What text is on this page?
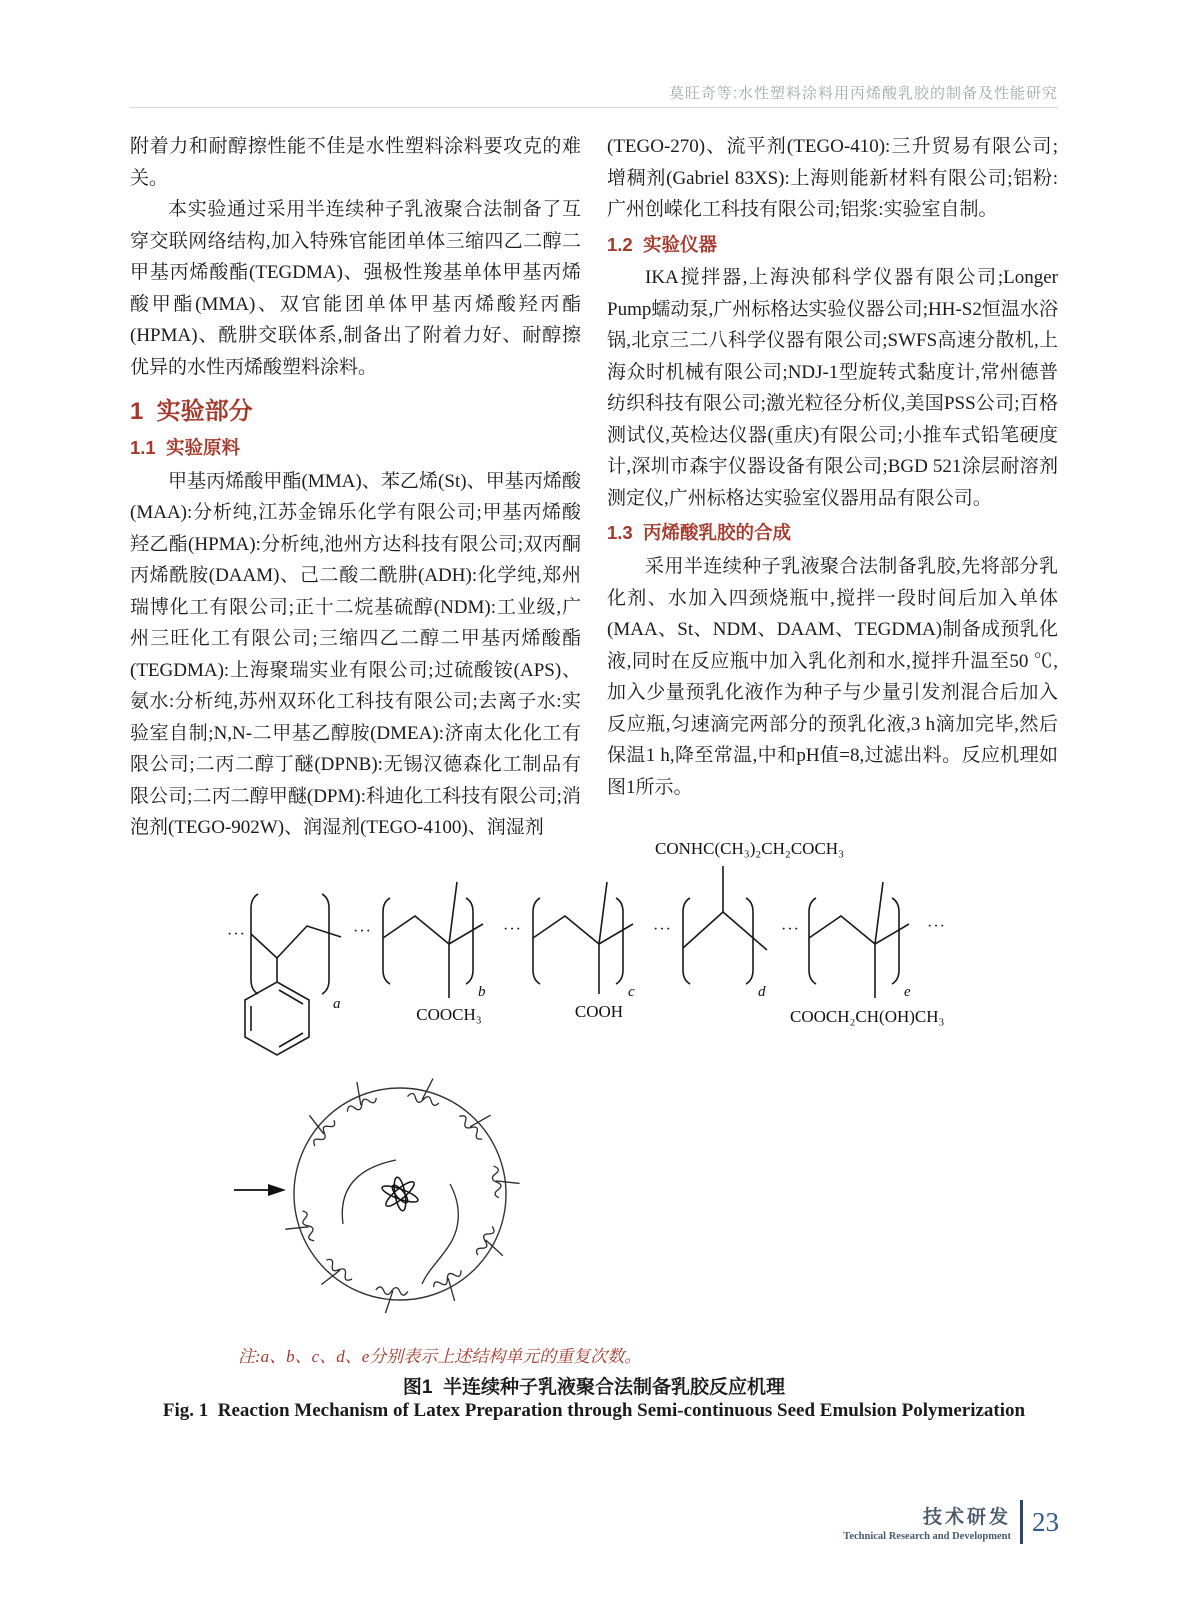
莫旺奇等:水性塑料涂料用丙烯酸乳胶的制备及性能研究

附着力和耐醇擦性能不佳是水性塑料涂料要攻克的难关。

本实验通过采用半连续种子乳液聚合法制备了互穿交联网络结构,加入特殊官能团单体三缩四乙二醇二甲基丙烯酸酯(TEGDMA)、强极性羧基单体甲基丙烯酸甲酯(MMA)、双官能团单体甲基丙烯酸羟丙酯(HPMA)、酰肼交联体系,制备出了附着力好、耐醇擦优异的水性丙烯酸塑料涂料。

1  实验部分
1.1  实验原料

甲基丙烯酸甲酯(MMA)、苯乙烯(St)、甲基丙烯酸(MAA):分析纯,江苏金锦乐化学有限公司;甲基丙烯酸羟乙酯(HPMA):分析纯,池州方达科技有限公司;双丙酮丙烯酰胺(DAAM)、己二酸二酰肼(ADH):化学纯,郑州瑞博化工有限公司;正十二烷基硫醇(NDM):工业级,广州三旺化工有限公司;三缩四乙二醇二甲基丙烯酸酯(TEGDMA):上海聚瑞实业有限公司;过硫酸铵(APS)、氨水:分析纯,苏州双环化工科技有限公司;去离子水:实验室自制;N,N-二甲基乙醇胺(DMEA):济南太化化工有限公司;二丙二醇丁醚(DPNB):无锡汉德森化工制品有限公司;二丙二醇甲醚(DPM):科迪化工科技有限公司;消泡剂(TEGO-902W)、润湿剂(TEGO-4100)、润湿剂

(TEGO-270)、流平剂(TEGO-410):三升贸易有限公司;增稠剂(Gabriel 83XS):上海则能新材料有限公司;铝粉:广州创嵘化工科技有限公司;铝浆:实验室自制。

1.2  实验仪器

IKA搅拌器,上海泱郁科学仪器有限公司;Longer Pump蠕动泵,广州标格达实验仪器公司;HH-S2恒温水浴锅,北京三二八科学仪器有限公司;SWFS高速分散机,上海众时机械有限公司;NDJ-1型旋转式黏度计,常州德普纺织科技有限公司;激光粒径分析仪,美国PSS公司;百格测试仪,英检达仪器(重庆)有限公司;小推车式铅笔硬度计,深圳市森宇仪器设备有限公司;BGD 521涂层耐溶剂测定仪,广州标格达实验室仪器用品有限公司。

1.3  丙烯酸乳胶的合成

采用半连续种子乳液聚合法制备乳胶,先将部分乳化剂、水加入四颈烧瓶中,搅拌一段时间后加入单体(MAA、St、NDM、DAAM、TEGDMA)制备成预乳化液,同时在反应瓶中加入乳化剂和水,搅拌升温至50 ℃,加入少量预乳化液作为种子与少量引发剂混合后加入反应瓶,匀速滴完两部分的预乳化液,3 h滴加完毕,然后保温1 h,降至常温,中和pH值=8,过滤出料。反应机理如图1所示。

···	···	···	···	···	···
a
b	c	d	e
COOCH₃	COOH
CONHC(CH₃)₂CH₂COCH₃
COOCH₂CH(OH)CH₃
注:a、b、c、d、e分别表示上述结构单元的重复次数。
图1  半连续种子乳液聚合法制备乳胶反应机理
Fig. 1  Reaction Mechanism of Latex Preparation through Semi-continuous Seed Emulsion Polymerization
技术研发
Technical Research and Development 23
